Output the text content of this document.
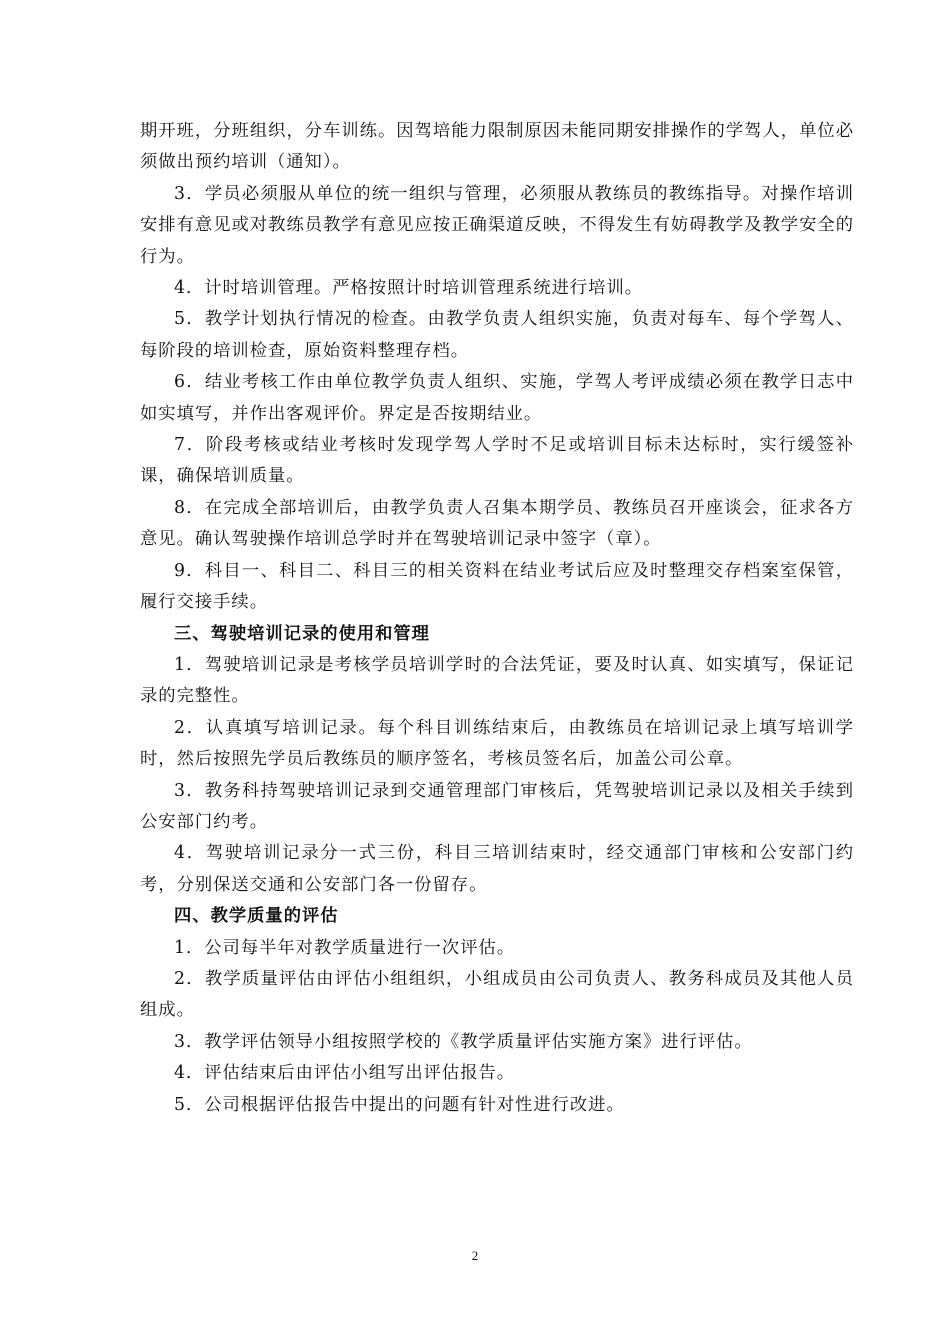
期开班，分班组织，分车训练。因驾培能力限制原因未能同期安排操作的学驾人，单位必须做出预约培训（通知）。

3．学员必须服从单位的统一组织与管理，必须服从教练员的教练指导。对操作培训安排有意见或对教练员教学有意见应按正确渠道反映，不得发生有妨碍教学及教学安全的行为。

4．计时培训管理。严格按照计时培训管理系统进行培训。

5．教学计划执行情况的检查。由教学负责人组织实施，负责对每车、每个学驾人、每阶段的培训检查，原始资料整理存档。

6．结业考核工作由单位教学负责人组织、实施，学驾人考评成绩必须在教学日志中如实填写，并作出客观评价。界定是否按期结业。

7．阶段考核或结业考核时发现学驾人学时不足或培训目标未达标时，实行缓签补课，确保培训质量。

8．在完成全部培训后，由教学负责人召集本期学员、教练员召开座谈会，征求各方意见。确认驾驶操作培训总学时并在驾驶培训记录中签字（章）。

9．科目一、科目二、科目三的相关资料在结业考试后应及时整理交存档案室保管，履行交接手续。

三、驾驶培训记录的使用和管理

1．驾驶培训记录是考核学员培训学时的合法凭证，要及时认真、如实填写，保证记录的完整性。

2．认真填写培训记录。每个科目训练结束后，由教练员在培训记录上填写培训学时，然后按照先学员后教练员的顺序签名，考核员签名后，加盖公司公章。

3．教务科持驾驶培训记录到交通管理部门审核后，凭驾驶培训记录以及相关手续到公安部门约考。

4．驾驶培训记录分一式三份，科目三培训结束时，经交通部门审核和公安部门约考，分别保送交通和公安部门各一份留存。

四、教学质量的评估

1．公司每半年对教学质量进行一次评估。

2．教学质量评估由评估小组组织，小组成员由公司负责人、教务科成员及其他人员组成。

3．教学评估领导小组按照学校的《教学质量评估实施方案》进行评估。

4．评估结束后由评估小组写出评估报告。

5．公司根据评估报告中提出的问题有针对性进行改进。

2
